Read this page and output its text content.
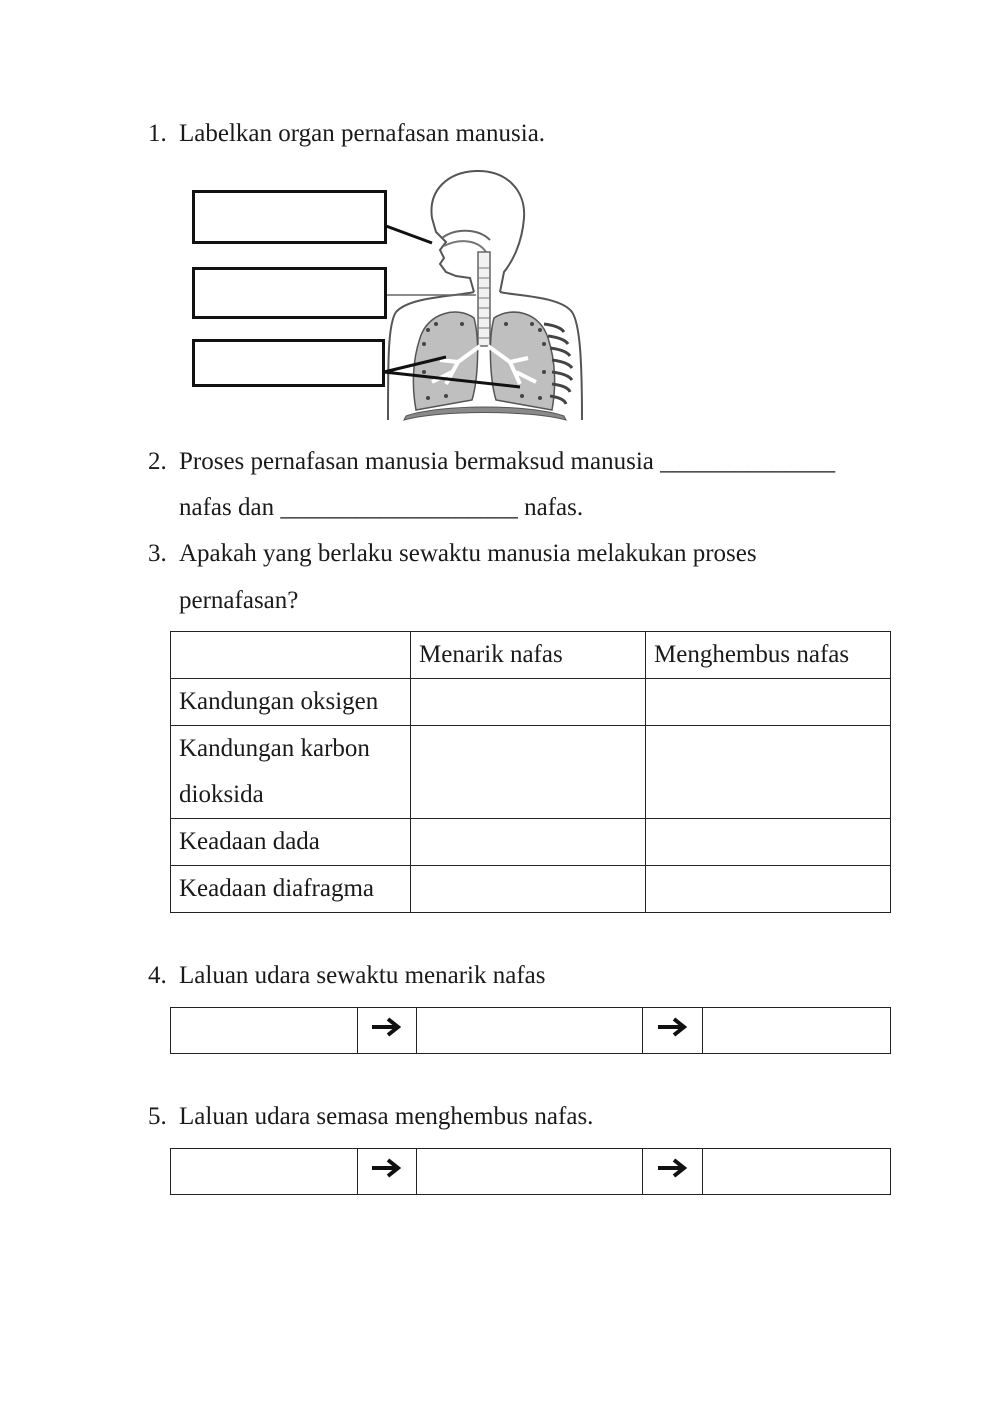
1. Labelkan organ pernafasan manusia.
2. Proses pernafasan manusia bermaksud manusia ______________
nafas dan ___________________ nafas.
3. Apakah yang berlaku sewaktu manusia melakukan proses
pernafasan?
	Menarik nafas	Menghembus nafas
Kandungan oksigen		

Kandungan karbon
dioksida		

Keadaan dada		
Keadaan diafragma		
4. Laluan udara sewaktu menarik nafas

5. Laluan udara semasa menghembus nafas.
